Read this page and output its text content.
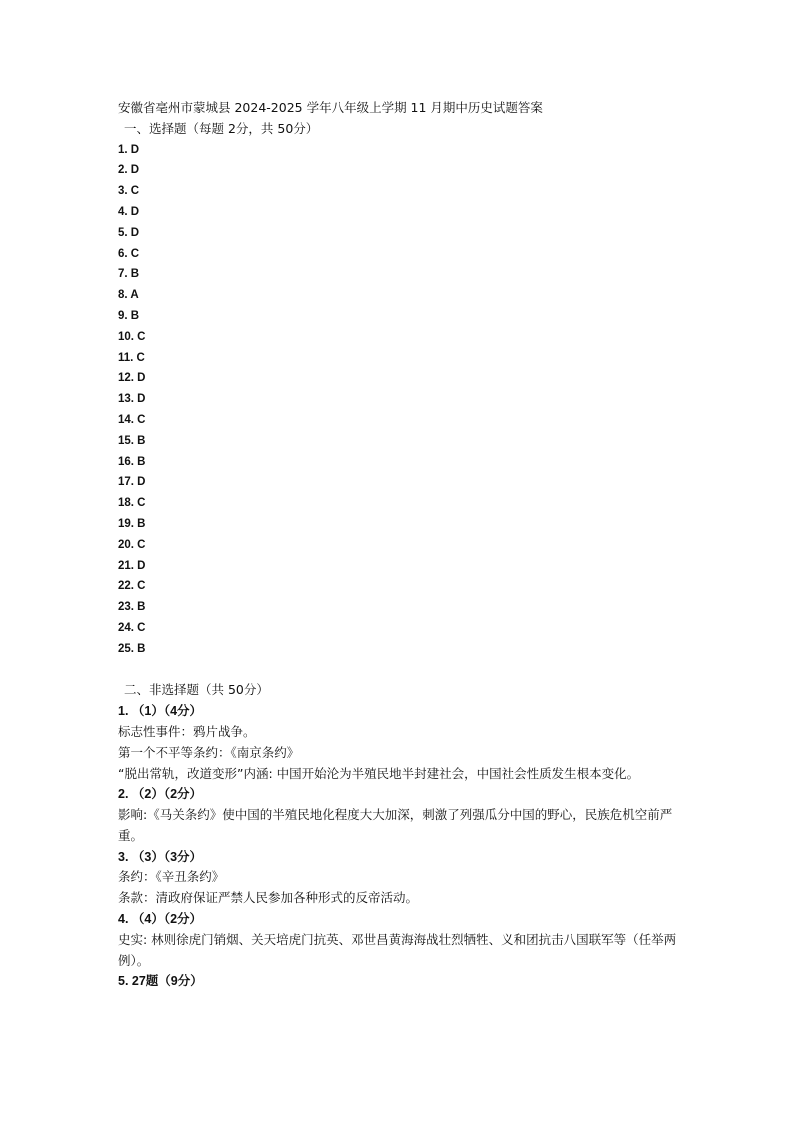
安徽省亳州市蒙城县 2024-2025 学年八年级上学期 11 月期中历史试题答案
一、选择题（每题 2分，共 50分）
1. D
2. D
3. C
4. D
5. D
6. C
7. B
8. A
9. B
10. C
11. C
12. D
13. D
14. C
15. B
16. B
17. D
18. C
19. B
20. C
21. D
22. C
23. B
24. C
25. B
二、非选择题（共 50分）
1. （1）（4分）
标志性事件：鸦片战争。
第一个不平等条约：《南京条约》
“脱出常轨，改道变形”内涵: 中国开始沦为半殖民地半封建社会，中国社会性质发生根本变化。
2. （2）（2分）
影响:《马关条约》使中国的半殖民地化程度大大加深，刺激了列强瓜分中国的野心，民族危机空前严重。
3. （3）（3分）
条约：《辛丑条约》
条款：清政府保证严禁人民参加各种形式的反帝活动。
4. （4）（2分）
史实: 林则徐虎门销烟、关天培虎门抗英、邓世昌黄海海战壮烈牺牲、义和团抗击八国联军等（任举两例）。
5. 27题（9分）
